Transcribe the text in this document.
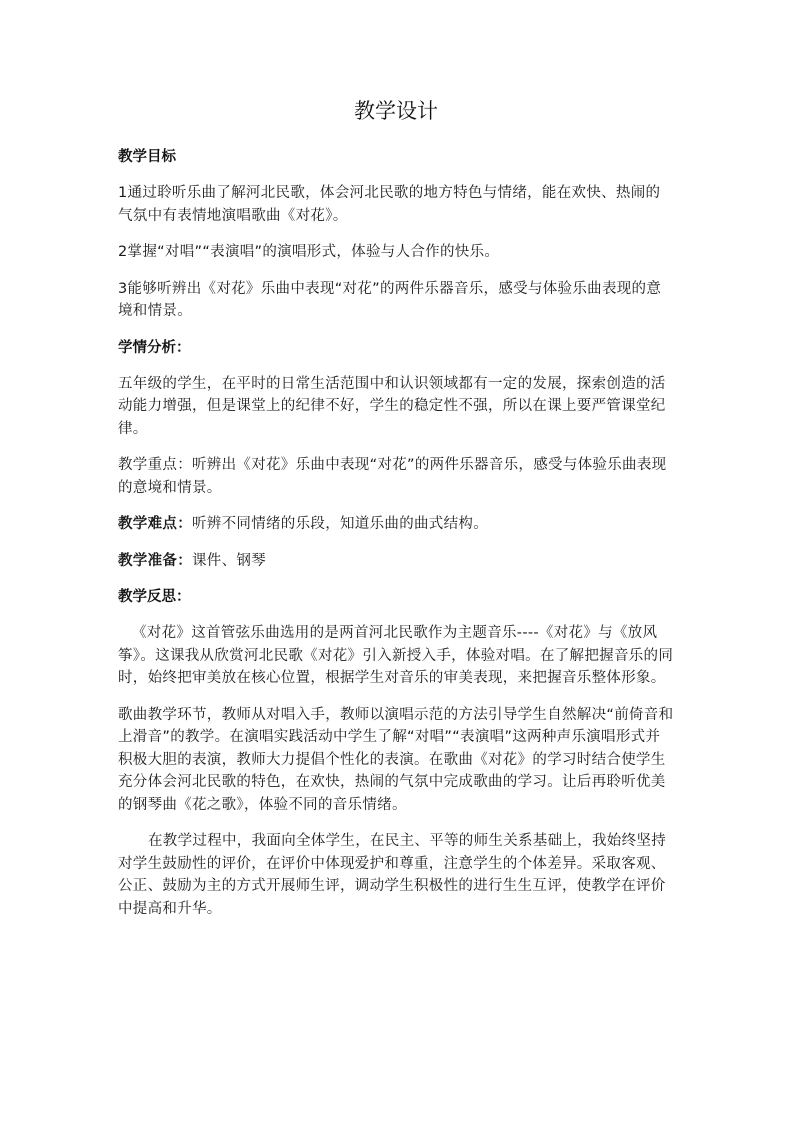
教学设计
教学目标

1通过聆听乐曲了解河北民歌，体会河北民歌的地方特色与情绪，能在欢快、热闹的气氛中有表情地演唱歌曲《对花》。

2掌握“对唱”“表演唱”的演唱形式，体验与人合作的快乐。

3能够听辨出《对花》乐曲中表现“对花”的两件乐器音乐，感受与体验乐曲表现的意境和情景。

学情分析：

五年级的学生，在平时的日常生活范围中和认识领域都有一定的发展，探索创造的活动能力增强，但是课堂上的纪律不好，学生的稳定性不强，所以在课上要严管课堂纪律。

教学重点：听辨出《对花》乐曲中表现“对花”的两件乐器音乐，感受与体验乐曲表现的意境和情景。

教学难点：听辨不同情绪的乐段，知道乐曲的曲式结构。

教学准备：课件、钢琴

教学反思：

《对花》这首管弦乐曲选用的是两首河北民歌作为主题音乐----《对花》与《放风筝》。这课我从欣赏河北民歌《对花》引入新授入手，体验对唱。在了解把握音乐的同时，始终把审美放在核心位置，根据学生对音乐的审美表现，来把握音乐整体形象。

歌曲教学环节，教师从对唱入手，教师以演唱示范的方法引导学生自然解决“前倚音和上滑音”的教学。在演唱实践活动中学生了解“对唱”“表演唱”这两种声乐演唱形式并积极大胆的表演，教师大力提倡个性化的表演。在歌曲《对花》的学习时结合使学生充分体会河北民歌的特色，在欢快，热闹的气氛中完成歌曲的学习。让后再聆听优美的钢琴曲《花之歌》，体验不同的音乐情绪。

在教学过程中，我面向全体学生，在民主、平等的师生关系基础上，我始终坚持对学生鼓励性的评价，在评价中体现爱护和尊重，注意学生的个体差异。采取客观、公正、鼓励为主的方式开展师生评，调动学生积极性的进行生生互评，使教学在评价中提高和升华。
